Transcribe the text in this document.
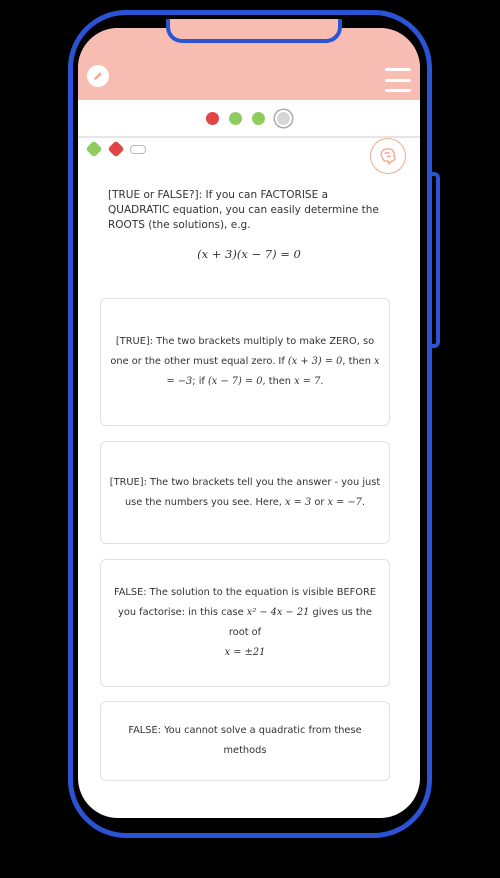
[TRUE or FALSE?]: If you can FACTORISE a QUADRATIC equation, you can easily determine the ROOTS (the solutions), e.g.
(x + 3)(x − 7) = 0
[TRUE]: The two brackets multiply to make ZERO, so one or the other must equal zero. If (x + 3) = 0, then x = −3; if (x − 7) = 0, then x = 7.
[TRUE]: The two brackets tell you the answer - you just use the numbers you see. Here, x = 3 or x = −7.
FALSE: The solution to the equation is visible BEFORE you factorise: in this case x² − 4x − 21 gives us the root of
x = ±21
FALSE: You cannot solve a quadratic from these methods
